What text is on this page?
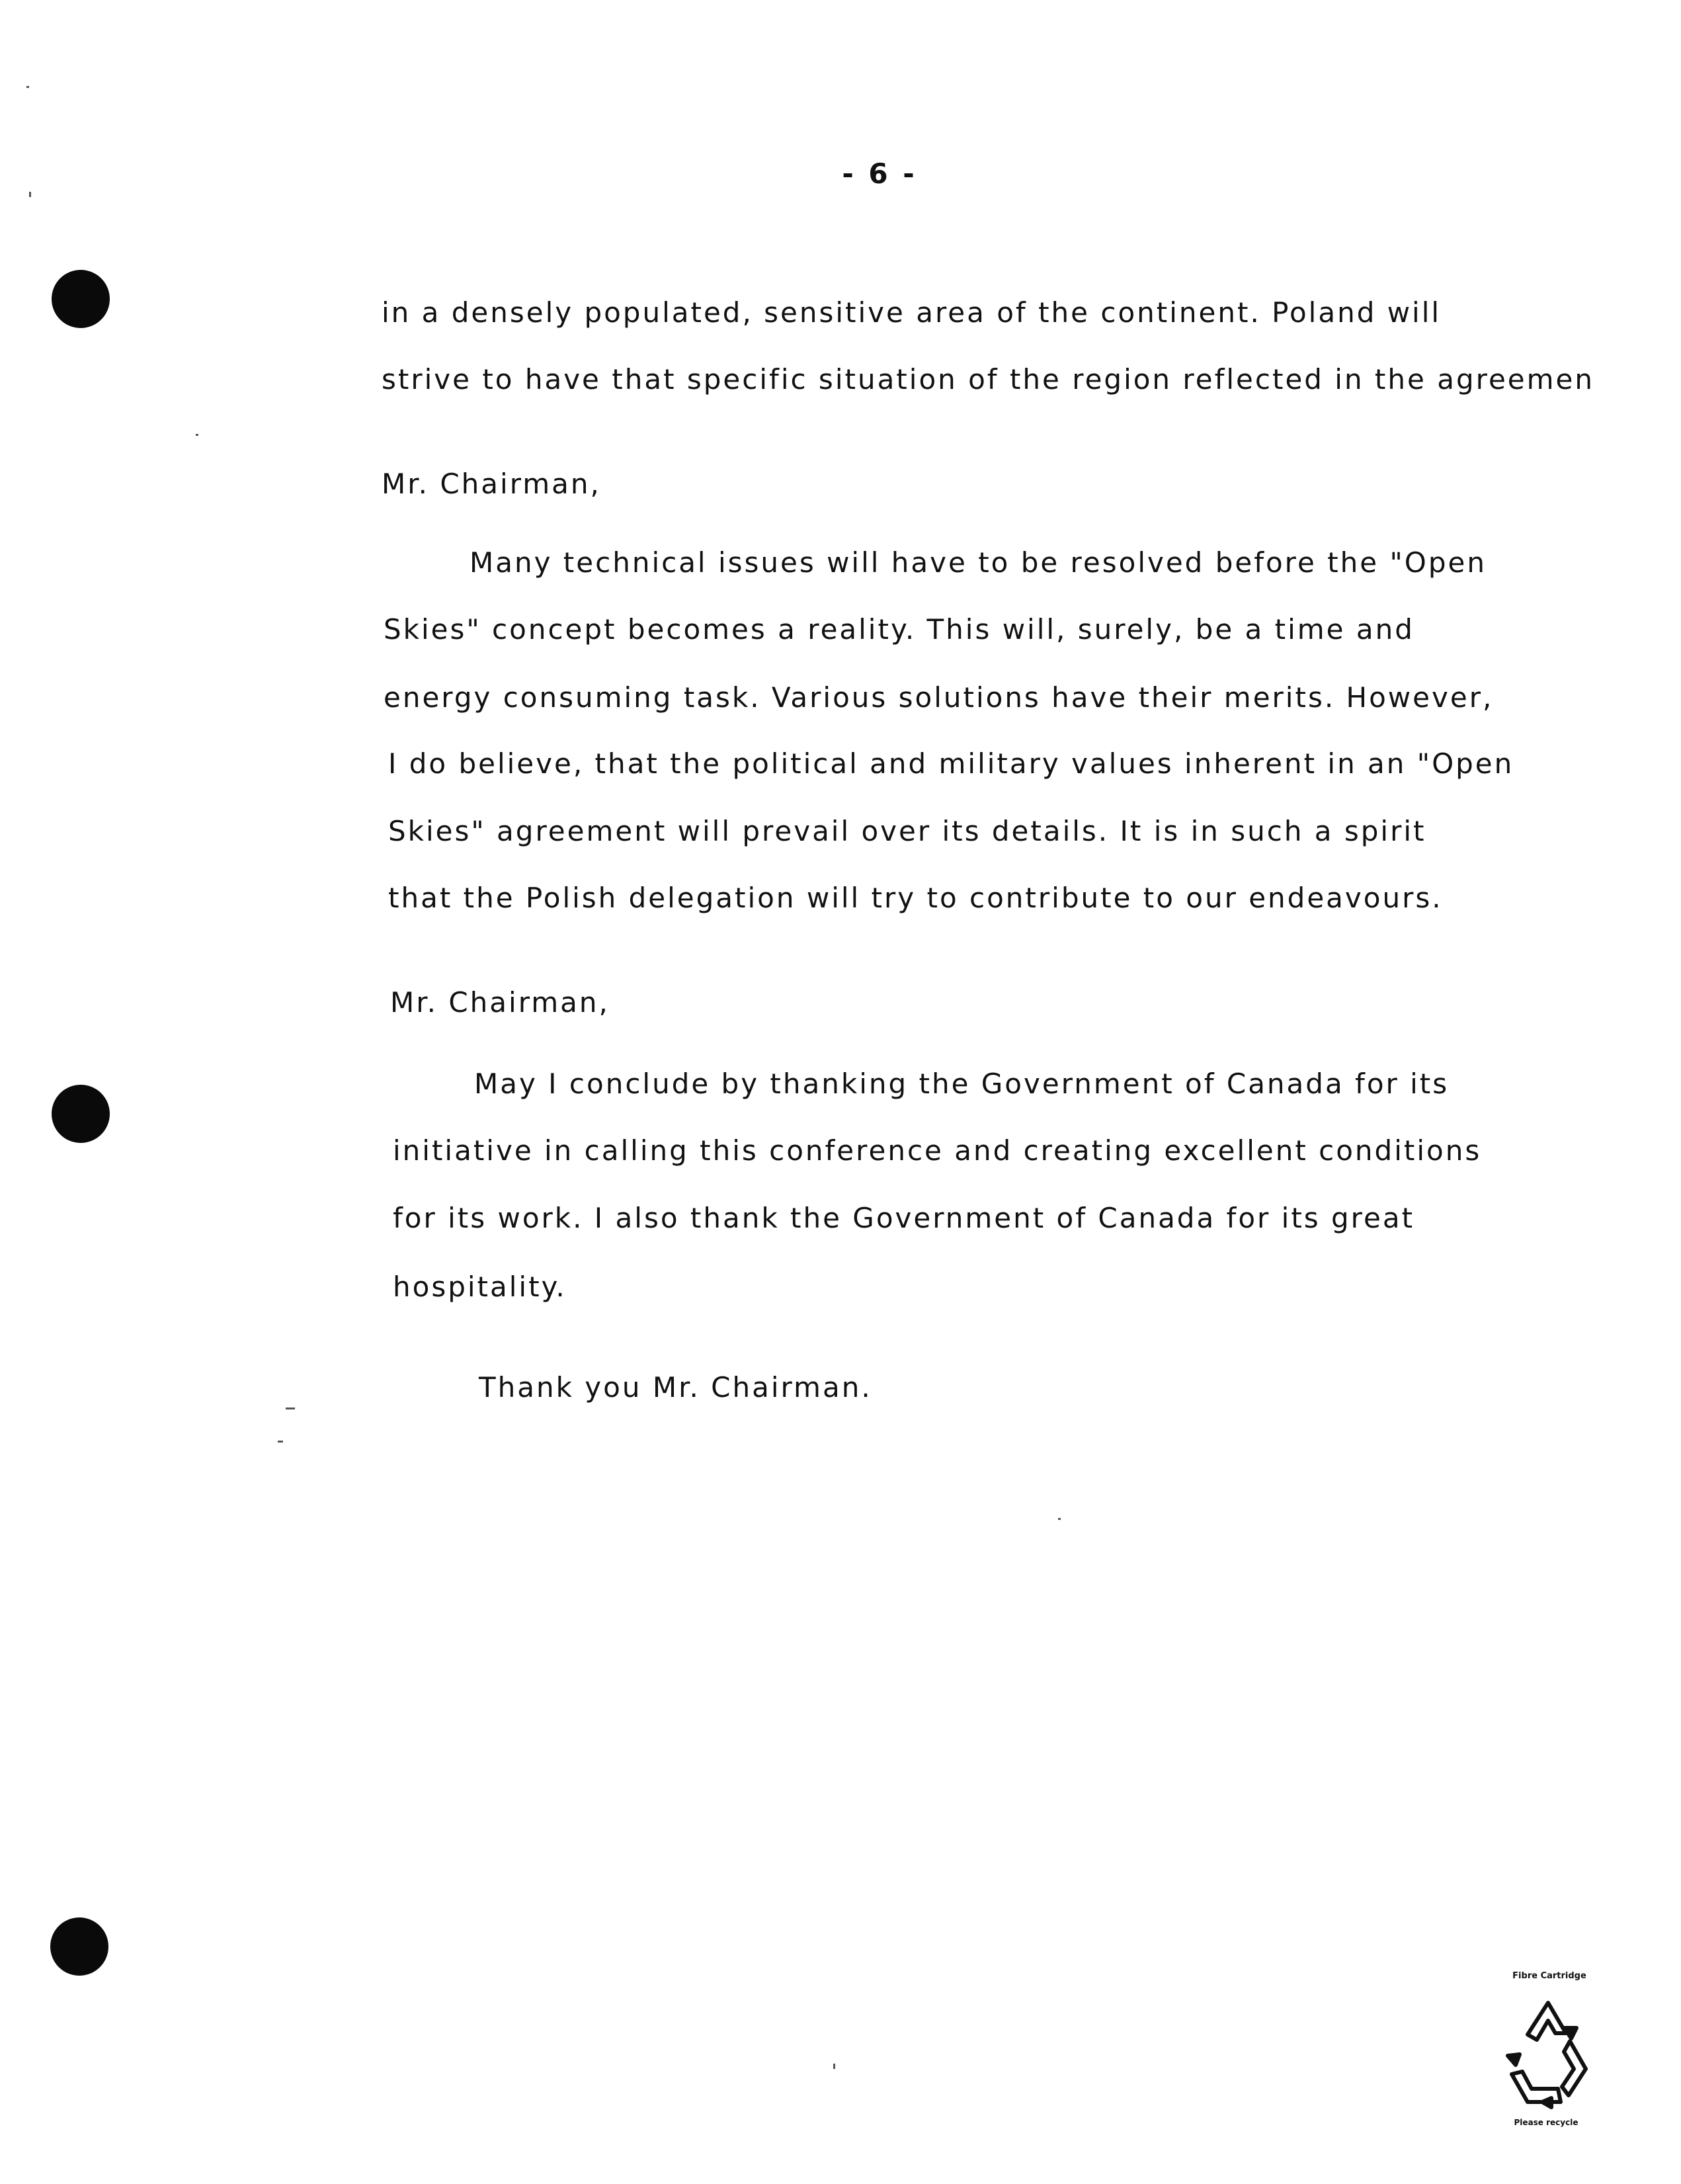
- 6 -
in a densely populated, sensitive area of the continent. Poland will
strive to have that specific situation of the region reflected in the agreemen
Mr. Chairman,
Many technical issues will have to be resolved before the "Open
Skies" concept becomes a reality. This will, surely, be a time and
energy consuming task. Various solutions have their merits. However,
I do believe, that the political and military values inherent in an "Open
Skies" agreement will prevail over its details. It is in such a spirit
that the Polish delegation will try to contribute to our endeavours.
Mr. Chairman,
May I conclude by thanking the Government of Canada for its
initiative in calling this conference and creating excellent conditions
for its work. I also thank the Government of Canada for its great
hospitality.
Thank you Mr. Chairman.
Fibre Cartridge
Please recycle
